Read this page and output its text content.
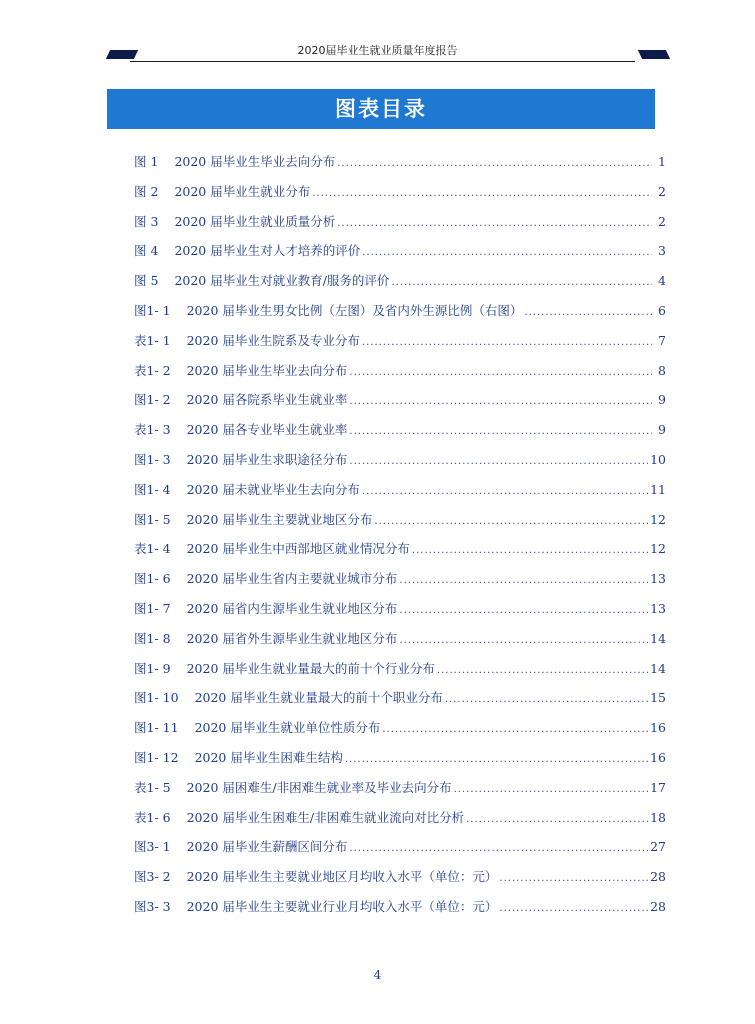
2020届毕业生就业质量年度报告
图表目录
图 1 2020 届毕业生毕业去向分布 .....	1
图 2 2020 届毕业生就业分布 .....	2
图 3 2020 届毕业生就业质量分析 .....	2
图 4 2020 届毕业生对人才培养的评价 .....	3
图 5 2020 届毕业生对就业教育/服务的评价 .....	4
图1- 1 2020 届毕业生男女比例（左图）及省内外生源比例（右图） .....	6
表1- 1 2020 届毕业生院系及专业分布 .....	7
表1- 2 2020 届毕业生毕业去向分布 .....	8
图1- 2 2020 届各院系毕业生就业率 .....	9
表1- 3 2020 届各专业毕业生就业率 .....	9
图1- 3 2020 届毕业生求职途径分布 .....	10
图1- 4 2020 届未就业毕业生去向分布 .....	11
图1- 5 2020 届毕业生主要就业地区分布 .....	12
表1- 4 2020 届毕业生中西部地区就业情况分布 .....	12
图1- 6 2020 届毕业生省内主要就业城市分布 .....	13
图1- 7 2020 届省内生源毕业生就业地区分布 .....	13
图1- 8 2020 届省外生源毕业生就业地区分布 .....	14
图1- 9 2020 届毕业生就业量最大的前十个行业分布 .....	14
图1- 10 2020 届毕业生就业量最大的前十个职业分布 .....	15
图1- 11 2020 届毕业生就业单位性质分布 .....	16
图1- 12 2020 届毕业生困难生结构 .....	16
表1- 5 2020 届困难生/非困难生就业率及毕业去向分布 .....	17
表1- 6 2020 届毕业生困难生/非困难生就业流向对比分析 .....	18
图3- 1 2020 届毕业生薪酬区间分布 .....	27
图3- 2 2020 届毕业生主要就业地区月均收入水平（单位：元） .....	28
图3- 3 2020 届毕业生主要就业行业月均收入水平（单位：元） .....	28
4
